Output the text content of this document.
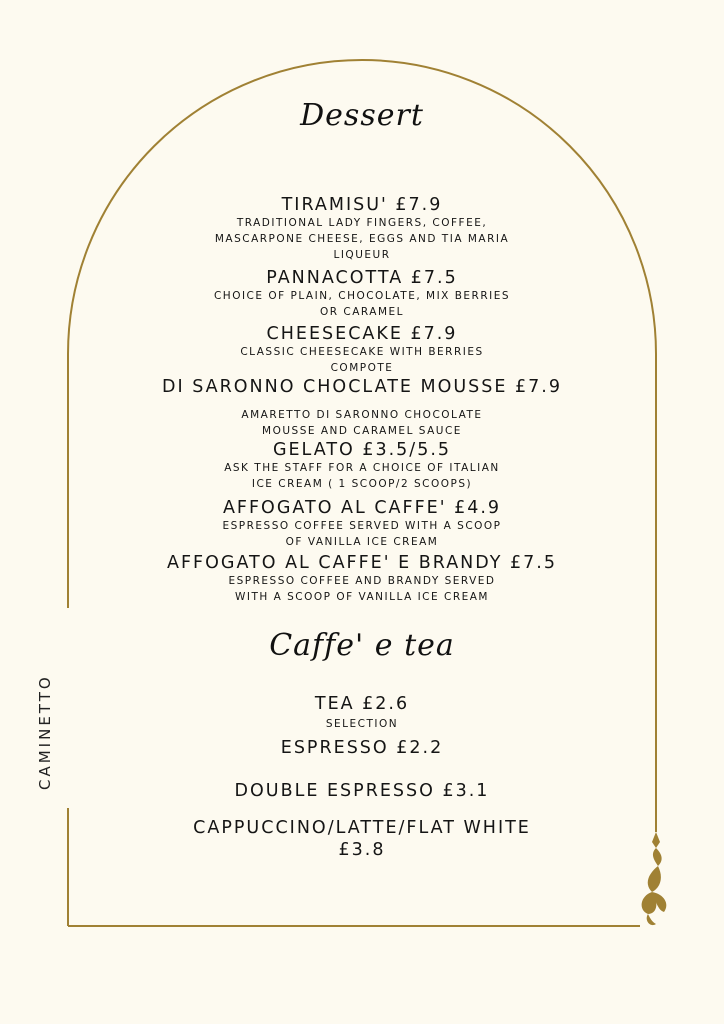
Dessert
TIRAMISU' £7.9
TRADITIONAL LADY FINGERS, COFFEE,
MASCARPONE CHEESE, EGGS AND TIA MARIA
LIQUEUR
PANNACOTTA £7.5
CHOICE OF PLAIN, CHOCOLATE, MIX BERRIES
OR CARAMEL
CHEESECAKE £7.9
CLASSIC CHEESECAKE WITH BERRIES
COMPOTE
DI SARONNO CHOCLATE MOUSSE £7.9
AMARETTO DI SARONNO CHOCOLATE
MOUSSE AND CARAMEL SAUCE
GELATO £3.5/5.5
ASK THE STAFF FOR A CHOICE OF ITALIAN
ICE CREAM ( 1 SCOOP/2 SCOOPS)
AFFOGATO AL CAFFE' £4.9
ESPRESSO COFFEE SERVED WITH A SCOOP
OF VANILLA ICE CREAM
AFFOGATO AL CAFFE' E BRANDY £7.5
ESPRESSO COFFEE AND BRANDY SERVED
WITH A SCOOP OF VANILLA ICE CREAM
Caffe' e tea
TEA £2.6
SELECTION
ESPRESSO £2.2
DOUBLE ESPRESSO £3.1
CAPPUCCINO/LATTE/FLAT WHITE
£3.8
CAMINETTO
